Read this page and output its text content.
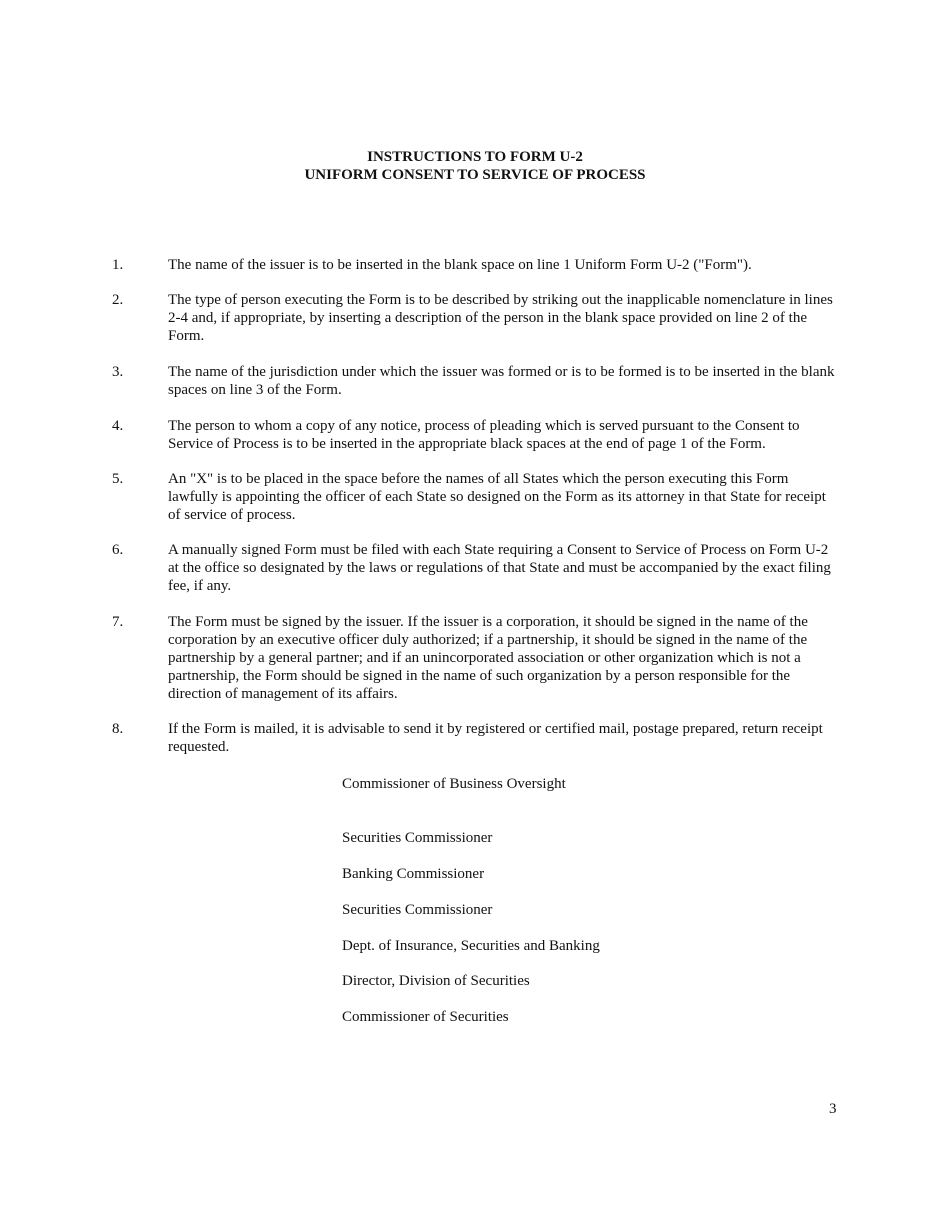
INSTRUCTIONS TO FORM U-2
UNIFORM CONSENT TO SERVICE OF PROCESS
1.	The name of the issuer is to be inserted in the blank space on line 1 Uniform Form U-2 ("Form").
2.	The type of person executing the Form is to be described by striking out the inapplicable nomenclature in lines 2-4 and, if appropriate, by inserting a description of the person in the blank space provided on line 2 of the Form.
3.	The name of the jurisdiction under which the issuer was formed or is to be formed is to be inserted in the blank spaces on line 3 of the Form.
4.	The person to whom a copy of any notice, process of pleading which is served pursuant to the Consent to Service of Process is to be inserted in the appropriate black spaces at the end of page 1 of the Form.
5.	An "X" is to be placed in the space before the names of all States which the person executing this Form lawfully is appointing the officer of each State so designed on the Form as its attorney in that State for receipt of service of process.
6.	A manually signed Form must be filed with each State requiring a Consent to Service of Process on Form U-2 at the office so designated by the laws or regulations of that State and must be accompanied by the exact filing fee, if any.
7.	The Form must be signed by the issuer. If the issuer is a corporation, it should be signed in the name of the corporation by an executive officer duly authorized; if a partnership, it should be signed in the name of the partnership by a general partner; and if an unincorporated association or other organization which is not a partnership, the Form should be signed in the name of such organization by a person responsible for the direction of management of its affairs.
8.	If the Form is mailed, it is advisable to send it by registered or certified mail, postage prepared, return receipt requested.
Commissioner of Business Oversight
Securities Commissioner
Banking Commissioner
Securities Commissioner
Dept. of Insurance, Securities and Banking
Director, Division of Securities
Commissioner of Securities
3
